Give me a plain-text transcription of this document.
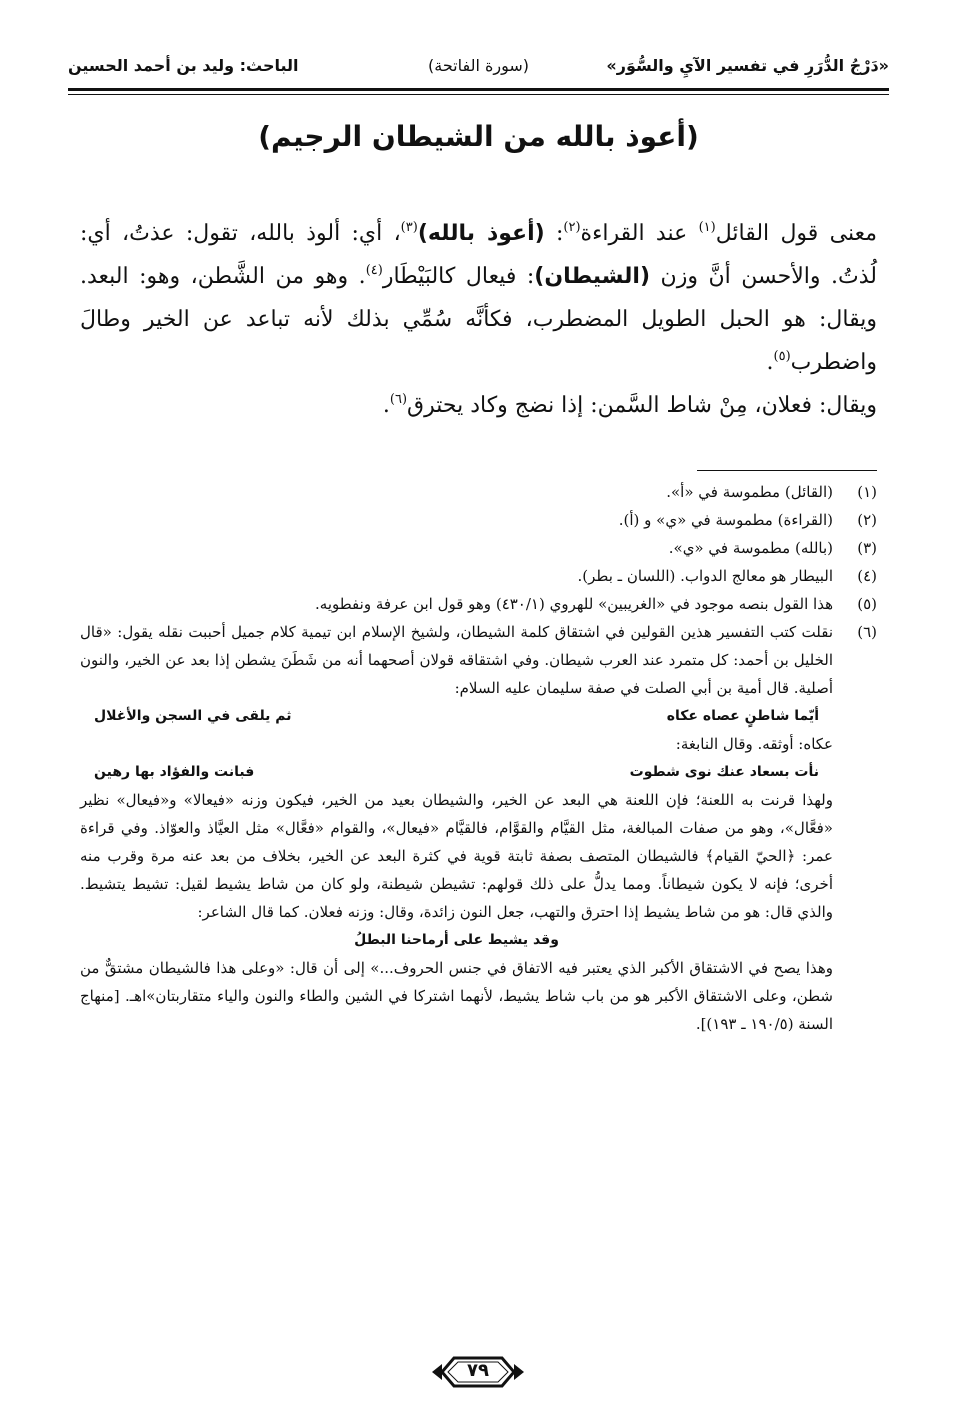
«دَرْجُ الدُّرَرِ في تفسير الآيِ والسُّوَر»
(سورة الفاتحة)
الباحث: وليد بن أحمد الحسين
(أعوذ بالله من الشيطان الرجيم)

معنى قول القائل$^{(١)}$ عند القراءة$^{(٢)}$: (أعوذ بالله)$^{(٣)}$، أي: ألوذ بالله، تقول: عذتُ، أي: لُذتُ. والأحسن أنَّ وزن (الشيطان): فيعال كالبَيْطَار$^{(٤)}$. وهو من الشَّطن، وهو: البعد. ويقال: هو الحبل الطويل المضطرب، فكأنَّه سُمِّي بذلك لأنه تباعد عن الخير وطالَ واضطرب$^{(٥)}$.

ويقال: فعلان، مِنْ شاط السَّمن: إذا نضج وكاد يحترق$^{(٦)}$.

(١)

(القائل) مطموسة في «أ».

(٢)

(القراءة) مطموسة في «ي» و (أ).

(٣)

(بالله) مطموسة في «ي».

(٤)

البيطار هو معالج الدواب. (اللسان ـ بطر).

(٥)

هذا القول بنصه موجود في «الغريبين» للهروي (٤٣٠/١) وهو قول ابن عرفة ونفطويه.

(٦)

نقلت كتب التفسير هذين القولين في اشتقاق كلمة الشيطان، ولشيخ الإسلام ابن تيمية كلام جميل أحببت نقله يقول: «قال الخليل بن أحمد: كل متمرد عند العرب شيطان. وفي اشتقاقه قولان أصحهما أنه من شَطَنَ يشطن إذا بعد عن الخير، والنون أصلية. قال أمية بن أبي الصلت في صفة سليمان عليه السلام:

أيّما شاطنٍ عصاه عكاه
ثم يلقى في السجن والأغلال

عكاه: أوثقه. وقال النابغة:

نأت بسعاد عنك نوى شطوت
فبانت والفؤاد بها رهين

ولهذا قرنت به اللعنة؛ فإن اللعنة هي البعد عن الخير، والشيطان بعيد من الخير، فيكون وزنه «فيعالا» و«فيعال» نظير «فعَّال»، وهو من صفات المبالغة، مثل القيَّام والقوَّام، فالقيَّام «فيعال»، والقوام «فعَّال» مثل العيَّاذ والعوّاذ. وفي قراءة عمر: ﴿الحيّ القيام﴾ فالشيطان المتصف بصفة ثابتة قوية في كثرة البعد عن الخير، بخلاف من بعد عنه مرة وقرب منه أخرى؛ فإنه لا يكون شيطاناً. ومما يدلُّ على ذلك قولهم: تشيطن شيطنة، ولو كان من شاط يشيط لقيل: تشيط يتشيط. والذي قال: هو من شاط يشيط إذا احترق والتهب، جعل النون زائدة، وقال: وزنه فعلان. كما قال الشاعر:

وقد يشيط على أرماحنا البطلُ

وهذا يصح في الاشتقاق الأكبر الذي يعتبر فيه الاتفاق في جنس الحروف...» إلى أن قال: «وعلى هذا فالشيطان مشتقٌّ من شطن، وعلى الاشتقاق الأكبر هو من باب شاط يشيط، لأنهما اشتركا في الشين والطاء والنون والياء متقاربتان»اهـ. [منهاج السنة (١٩٠/٥ ـ ١٩٣)].

٧٩
